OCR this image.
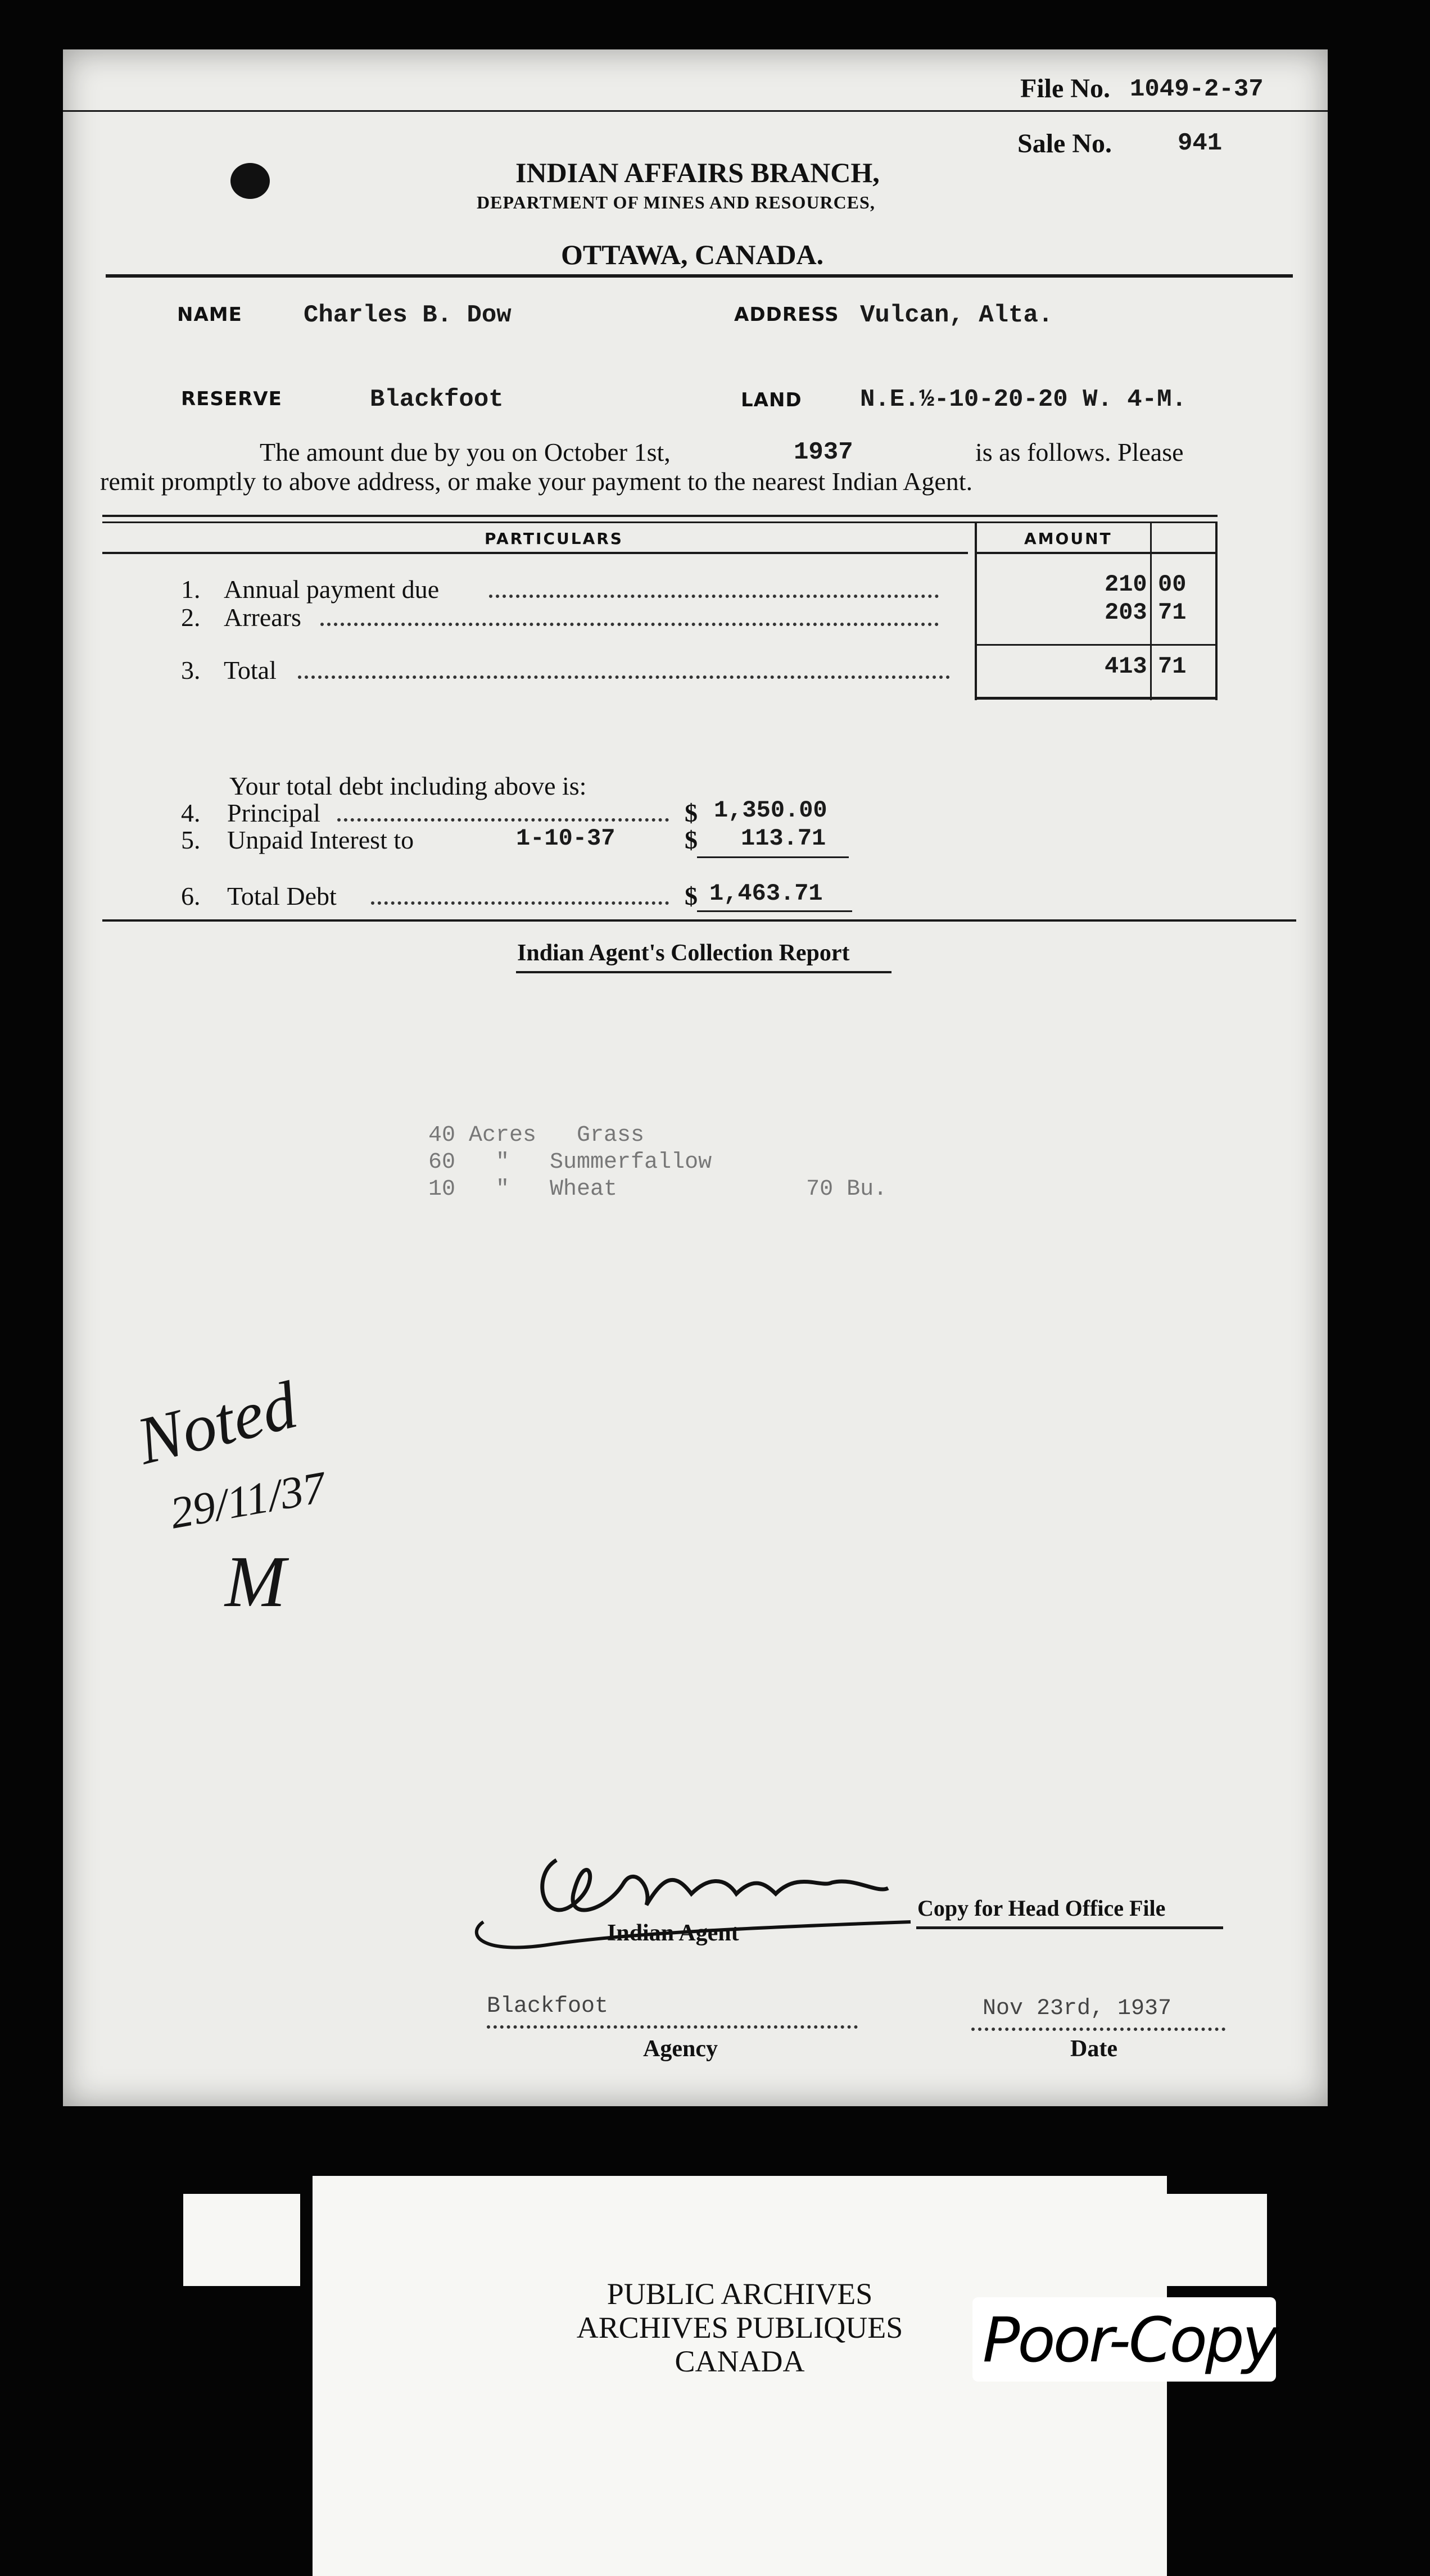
File No. 1049-2-37
Sale No.	941
INDIAN AFFAIRS BRANCH,
DEPARTMENT OF MINES AND RESOURCES,
OTTAWA, CANADA.
NAME Charles B. Dow	ADDRESS Vulcan, Alta.
RESERVE	Blackfoot	LAND N.E.½-10-20-20 W. 4-M.
The amount due by you on October 1st,	1937	is as follows. Please
remit promptly to above address, or make your payment to the nearest Indian Agent.
PARTICULARS	AMOUNT
1. Annual payment due	210 00
2. Arrears	203 71
3. Total	413 71
Your total debt including above is:
4. Principal	$ 1,350.00
5. Unpaid Interest to	1-10-37	$ 113.71
6. Total Debt	$ 1,463.71
Indian Agent's Collection Report
40 Acres   Grass
60   "   Summerfallow
10   "   Wheat              70 Bu.
Noted
29/11/37
M
Indian Agent
Copy for Head Office File
Blackfoot
Agency
Nov 23rd, 1937
Date
PUBLIC ARCHIVES
ARCHIVES PUBLIQUES
CANADA	Poor-Copy
